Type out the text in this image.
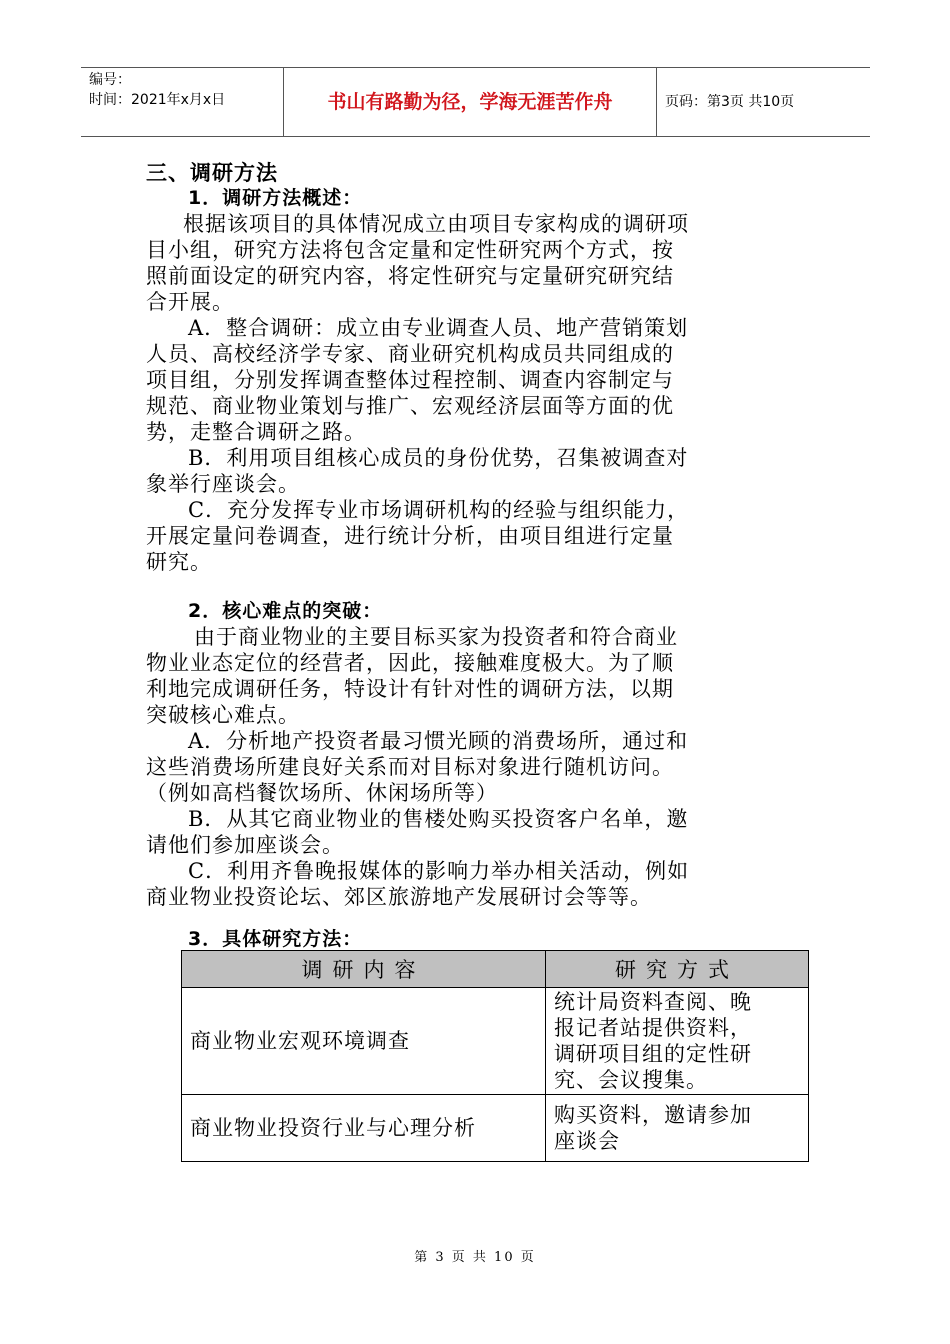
编号：
时间：2021年x月x日	书山有路勤为径，学海无涯苦作舟	页码：第3页 共10页
三、调研方法
1．调研方法概述：
根据该项目的具体情况成立由项目专家构成的调研项
目小组，研究方法将包含定量和定性研究两个方式，按
照前面设定的研究内容，将定性研究与定量研究研究结
合开展。
A．整合调研：成立由专业调查人员、地产营销策划
人员、高校经济学专家、商业研究机构成员共同组成的
项目组，分别发挥调查整体过程控制、调查内容制定与
规范、商业物业策划与推广、宏观经济层面等方面的优
势，走整合调研之路。
B．利用项目组核心成员的身份优势，召集被调查对
象举行座谈会。
C．充分发挥专业市场调研机构的经验与组织能力，
开展定量问卷调查，进行统计分析，由项目组进行定量
研究。
2．核心难点的突破：
由于商业物业的主要目标买家为投资者和符合商业
物业业态定位的经营者，因此，接触难度极大。为了顺
利地完成调研任务，特设计有针对性的调研方法，以期
突破核心难点。
A．分析地产投资者最习惯光顾的消费场所，通过和
这些消费场所建良好关系而对目标对象进行随机访问。
（例如高档餐饮场所、休闲场所等）
B．从其它商业物业的售楼处购买投资客户名单，邀
请他们参加座谈会。
C．利用齐鲁晚报媒体的影响力举办相关活动，例如
商业物业投资论坛、郊区旅游地产发展研讨会等等。
3．具体研究方法：
调研内容	研究方式
商业物业宏观环境调查	统计局资料查阅、晚
报记者站提供资料，
调研项目组的定性研
究、会议搜集。

商业物业投资行业与心理分析	购买资料，邀请参加
座谈会
第 3 页 共 10 页
